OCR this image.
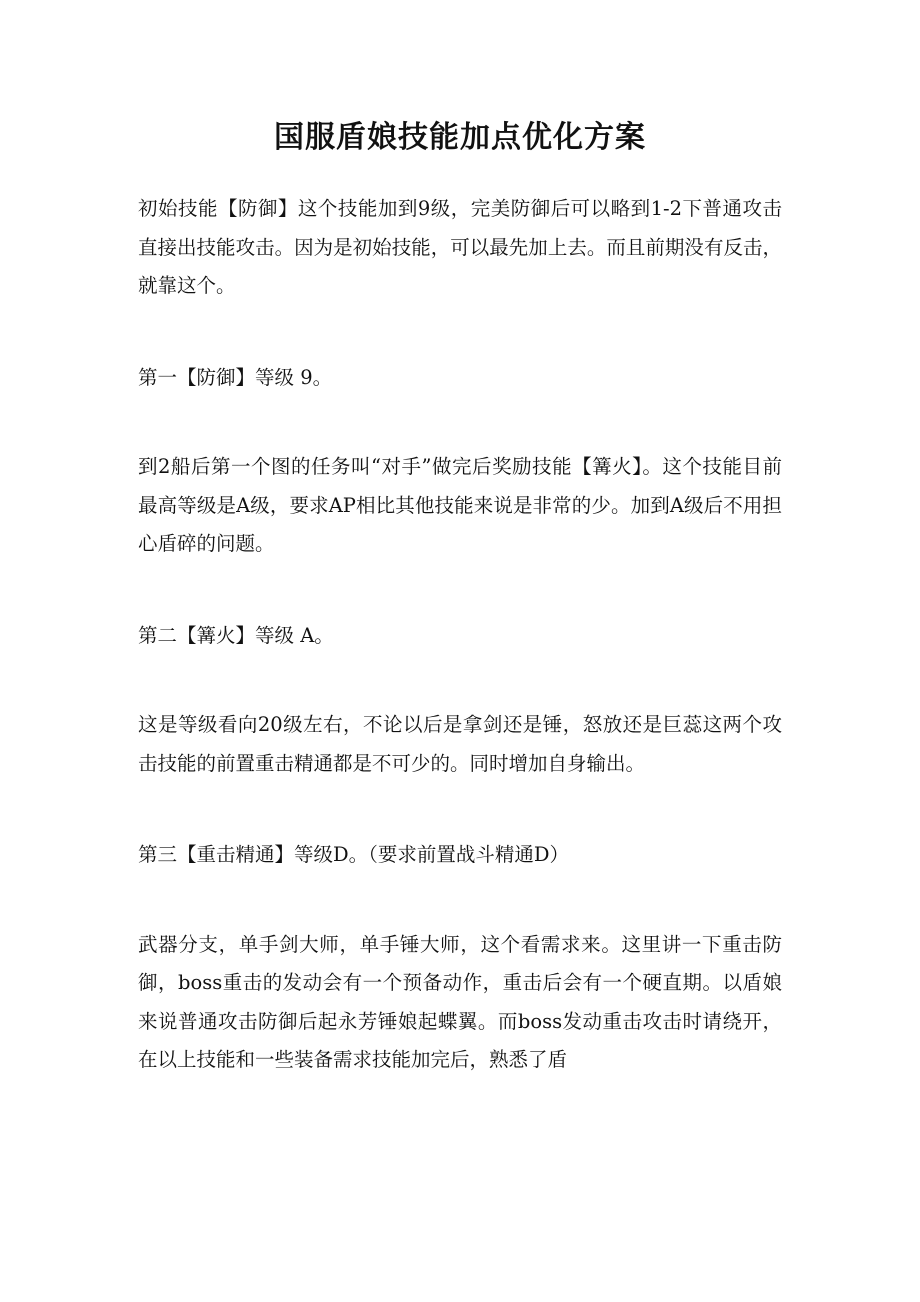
国服盾娘技能加点优化方案

初始技能【防御】这个技能加到9级，完美防御后可以略到1-2下普通攻击直接出技能攻击。因为是初始技能，可以最先加上去。而且前期没有反击，就靠这个。

第一【防御】等级 9。

到2船后第一个图的任务叫“对手”做完后奖励技能【篝火】。这个技能目前最高等级是A级，要求AP相比其他技能来说是非常的少。加到A级后不用担心盾碎的问题。

第二【篝火】等级 A。

这是等级看向20级左右，不论以后是拿剑还是锤，怒放还是巨蕊这两个攻击技能的前置重击精通都是不可少的。同时增加自身输出。

第三【重击精通】等级D。（要求前置战斗精通D）

武器分支，单手剑大师，单手锤大师，这个看需求来。这里讲一下重击防御，boss重击的发动会有一个预备动作，重击后会有一个硬直期。以盾娘来说普通攻击防御后起永芳锤娘起蝶翼。而boss发动重击攻击时请绕开，在以上技能和一些装备需求技能加完后，熟悉了盾
